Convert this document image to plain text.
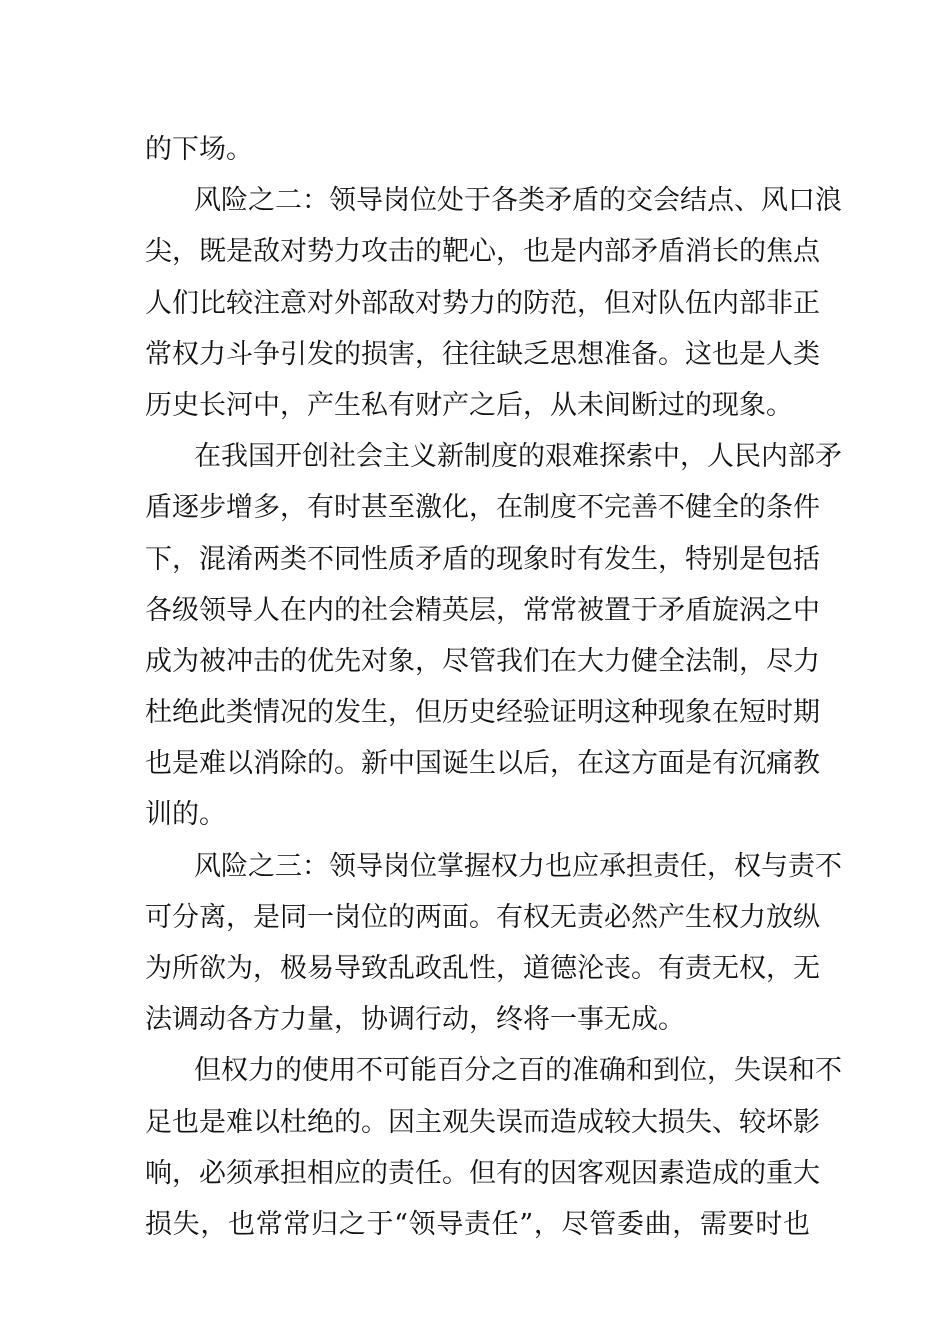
的下场。
风险之二：领导岗位处于各类矛盾的交会结点、风口浪
尖，既是敌对势力攻击的靶心，也是内部矛盾消长的焦点
人们比较注意对外部敌对势力的防范，但对队伍内部非正
常权力斗争引发的损害，往往缺乏思想准备。这也是人类
历史长河中，产生私有财产之后，从未间断过的现象。
在我国开创社会主义新制度的艰难探索中，人民内部矛
盾逐步增多，有时甚至激化，在制度不完善不健全的条件
下，混淆两类不同性质矛盾的现象时有发生，特别是包括
各级领导人在内的社会精英层，常常被置于矛盾旋涡之中
成为被冲击的优先对象，尽管我们在大力健全法制，尽力
杜绝此类情况的发生，但历史经验证明这种现象在短时期
也是难以消除的。新中国诞生以后，在这方面是有沉痛教
训的。
风险之三：领导岗位掌握权力也应承担责任，权与责不
可分离，是同一岗位的两面。有权无责必然产生权力放纵
为所欲为，极易导致乱政乱性，道德沦丧。有责无权，无
法调动各方力量，协调行动，终将一事无成。
但权力的使用不可能百分之百的准确和到位，失误和不
足也是难以杜绝的。因主观失误而造成较大损失、较坏影
响，必须承担相应的责任。但有的因客观因素造成的重大
损失，也常常归之于“领导责任”，尽管委曲，需要时也
